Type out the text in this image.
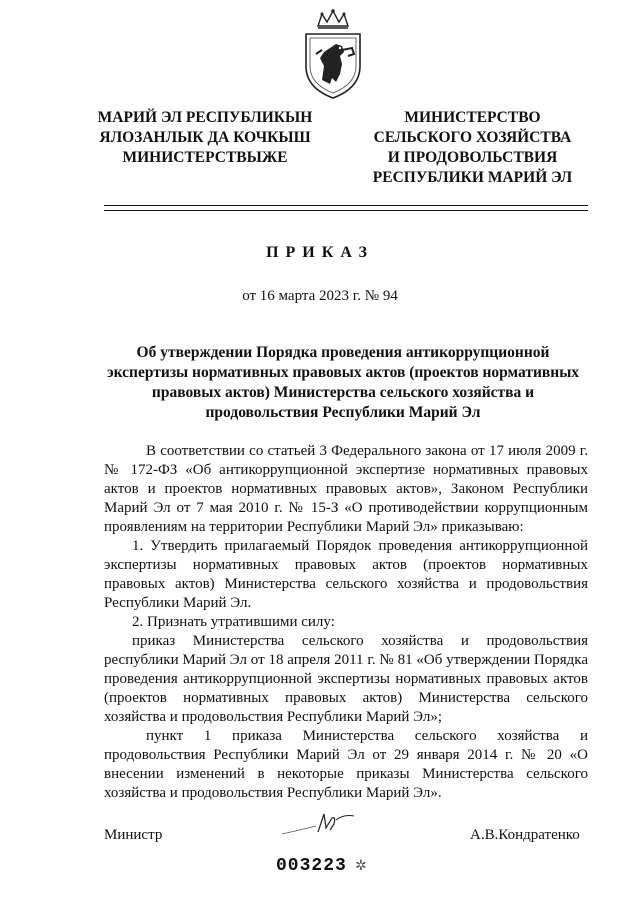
МАРИЙ ЭЛ РЕСПУБЛИКЫН
ЯЛОЗАНЛЫК ДА КОЧКЫШ
МИНИСТЕРСТВЫЖЕ
МИНИСТЕРСТВО
СЕЛЬСКОГО ХОЗЯЙСТВА
И ПРОДОВОЛЬСТВИЯ
РЕСПУБЛИКИ МАРИЙ ЭЛ
ПРИКАЗ
от 16 марта 2023 г. № 94
Об утверждении Порядка проведения антикоррупционной экспертизы нормативных правовых актов (проектов нормативных правовых актов) Министерства сельского хозяйства и продовольствия Республики Марий Эл

В соответствии со статьей 3 Федерального закона от 17 июля 2009 г. № 172-ФЗ «Об антикоррупционной экспертизе нормативных правовых актов и проектов нормативных правовых актов», Законом Республики Марий Эл от 7 мая 2010 г. № 15-З «О противодействии коррупционным проявлениям на территории Республики Марий Эл» приказываю:

1. Утвердить прилагаемый Порядок проведения антикоррупционной экспертизы нормативных правовых актов (проектов нормативных правовых актов) Министерства сельского хозяйства и продовольствия Республики Марий Эл.

2. Признать утратившими силу:

приказ Министерства сельского хозяйства и продовольствия республики Марий Эл от 18 апреля 2011 г. № 81 «Об утверждении Порядка проведения антикоррупционной экспертизы нормативных правовых актов (проектов нормативных правовых актов) Министерства сельского хозяйства и продовольствия Республики Марий Эл»;

пункт 1 приказа Министерства сельского хозяйства и продовольствия Республики Марий Эл от 29 января 2014 г. № 20 «О внесении изменений в некоторые приказы Министерства сельского хозяйства и продовольствия Республики Марий Эл».

Министр	А.В.Кондратенко
003223 ✲
